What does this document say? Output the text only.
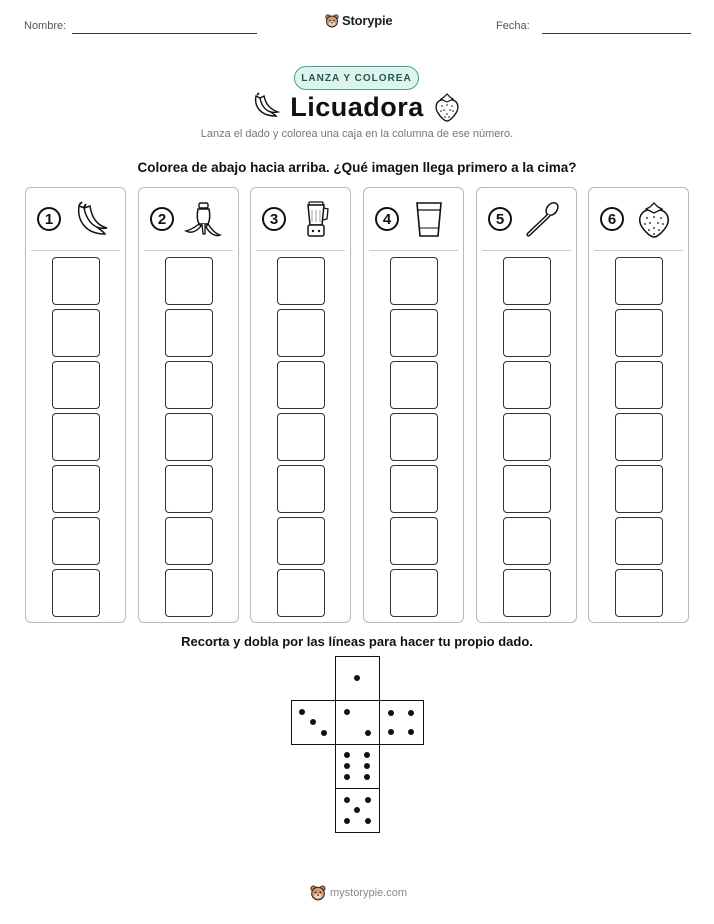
Nombre:	Storypie	Fecha:
LANZA Y COLOREA
Licuadora
Lanza el dado y colorea una caja en la columna de ese número.
Colorea de abajo hacia arriba. ¿Qué imagen llega primero a la cima?
1	2	3	4	5	6
Recorta y dobla por las líneas para hacer tu propio dado.
mystorypie.com
